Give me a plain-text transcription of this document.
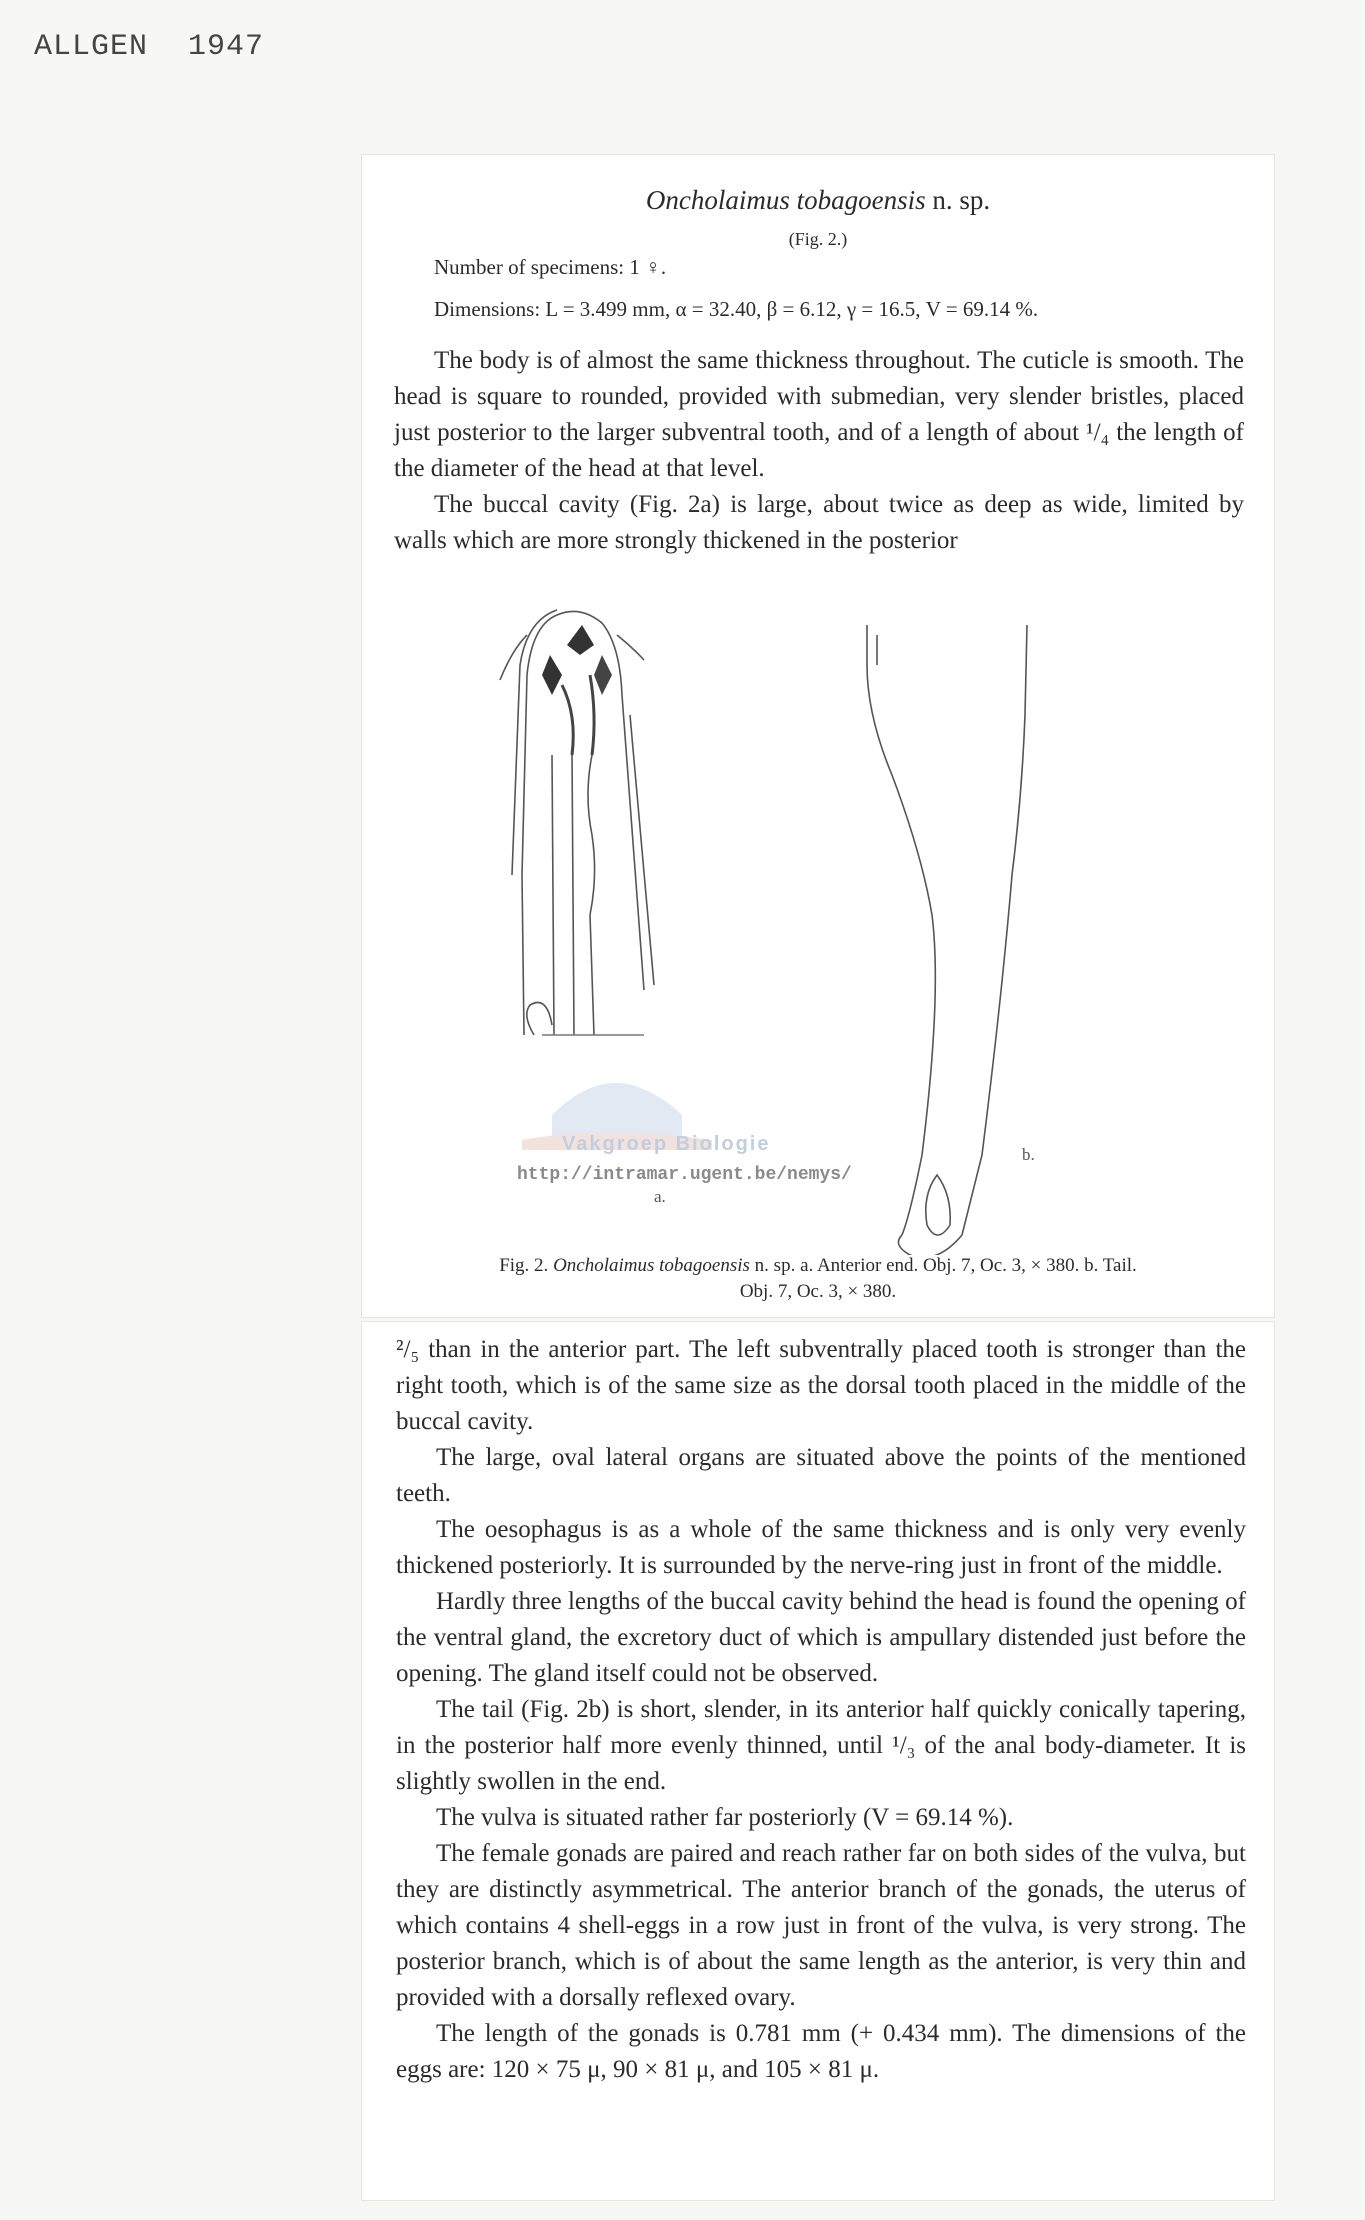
ALLGEN 1947
Oncholaimus tobagoensis n. sp.
(Fig. 2.)
Number of specimens: 1 ♀.
Dimensions: L = 3.499 mm, α = 32.40, β = 6.12, γ = 16.5, V = 69.14 %.

The body is of almost the same thickness throughout. The cuticle is smooth. The head is square to rounded, provided with submedian, very slender bristles, placed just posterior to the larger subventral tooth, and of a length of about ¹/₄ the length of the diameter of the head at that level.

The buccal cavity (Fig. 2a) is large, about twice as deep as wide, limited by walls which are more strongly thickened in the posterior

Vakgroep Biologie
http://intramar.ugent.be/nemys/
a.
b.
Fig. 2. Oncholaimus tobagoensis n. sp. a. Anterior end. Obj. 7, Oc. 3, × 380. b. Tail.
Obj. 7, Oc. 3, × 380.

²/₅ than in the anterior part. The left subventrally placed tooth is stronger than the right tooth, which is of the same size as the dorsal tooth placed in the middle of the buccal cavity.

The large, oval lateral organs are situated above the points of the mentioned teeth.

The oesophagus is as a whole of the same thickness and is only very evenly thickened posteriorly. It is surrounded by the nerve-ring just in front of the middle.

Hardly three lengths of the buccal cavity behind the head is found the opening of the ventral gland, the excretory duct of which is ampullary distended just before the opening. The gland itself could not be observed.

The tail (Fig. 2b) is short, slender, in its anterior half quickly conically tapering, in the posterior half more evenly thinned, until ¹/₃ of the anal body-diameter. It is slightly swollen in the end.

The vulva is situated rather far posteriorly (V = 69.14 %).

The female gonads are paired and reach rather far on both sides of the vulva, but they are distinctly asymmetrical. The anterior branch of the gonads, the uterus of which contains 4 shell-eggs in a row just in front of the vulva, is very strong. The posterior branch, which is of about the same length as the anterior, is very thin and provided with a dorsally reflexed ovary.

The length of the gonads is 0.781 mm (+ 0.434 mm). The dimensions of the eggs are: 120 × 75 μ, 90 × 81 μ, and 105 × 81 μ.
